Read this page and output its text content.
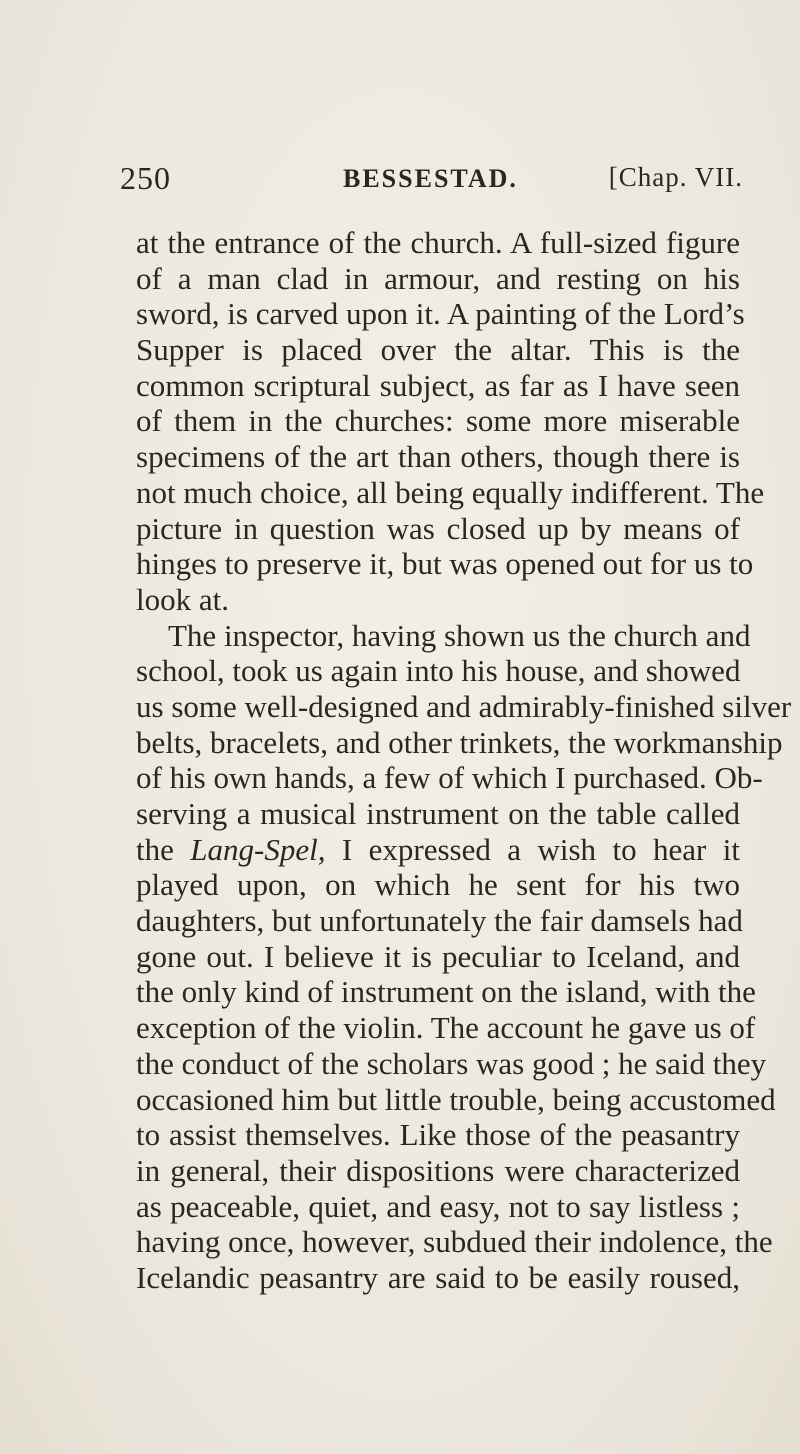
250	BESSESTAD.	[Chap. VII.
at the entrance of the church. A full-sized figure
of a man clad in armour, and resting on his
sword, is carved upon it. A painting of the Lord’s
Supper is placed over the altar. This is the
common scriptural subject, as far as I have seen
of them in the churches: some more miserable
specimens of the art than others, though there is
not much choice, all being equally indifferent. The
picture in question was closed up by means of
hinges to preserve it, but was opened out for us to
look at.
The inspector, having shown us the church and
school, took us again into his house, and showed
us some well-designed and admirably-finished silver
belts, bracelets, and other trinkets, the workmanship
of his own hands, a few of which I purchased. Ob-
serving a musical instrument on the table called
the Lang-Spel, I expressed a wish to hear it
played upon, on which he sent for his two
daughters, but unfortunately the fair damsels had
gone out. I believe it is peculiar to Iceland, and
the only kind of instrument on the island, with the
exception of the violin. The account he gave us of
the conduct of the scholars was good ; he said they
occasioned him but little trouble, being accustomed
to assist themselves. Like those of the peasantry
in general, their dispositions were characterized
as peaceable, quiet, and easy, not to say listless ;
having once, however, subdued their indolence, the
Icelandic peasantry are said to be easily roused,
